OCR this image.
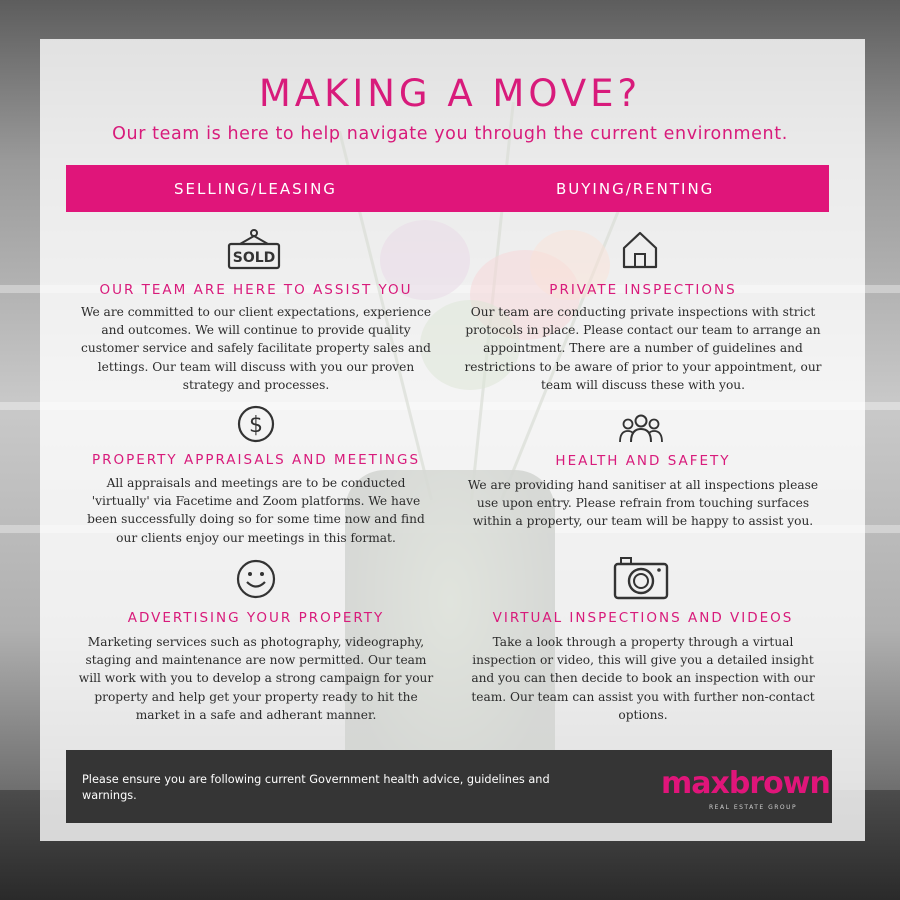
MAKING A MOVE?

Our team is here to help navigate you through the current environment.

SELLING/LEASING	BUYING/RENTING
SOLD
OUR TEAM ARE HERE TO ASSIST YOU
We are committed to our client expectations, experience
and outcomes. We will continue to provide quality
customer service and safely facilitate property sales and
lettings. Our team will discuss with you our proven
strategy and processes.
$
PROPERTY APPRAISALS AND MEETINGS
All appraisals and meetings are to be conducted
'virtually' via Facetime and Zoom platforms. We have
been successfully doing so for some time now and find
our clients enjoy our meetings in this format.
ADVERTISING YOUR PROPERTY
Marketing services such as photography, videography,
staging and maintenance are now permitted. Our team
will work with you to develop a strong campaign for your
property and help get your property ready to hit the
market in a safe and adherant manner.
PRIVATE INSPECTIONS
Our team are conducting private inspections with strict
protocols in place. Please contact our team to arrange an
appointment. There are a number of guidelines and
restrictions to be aware of prior to your appointment, our
team will discuss these with you.
HEALTH AND SAFETY
We are providing hand sanitiser at all inspections please
use upon entry. Please refrain from touching surfaces
within a property, our team will be happy to assist you.
VIRTUAL INSPECTIONS AND VIDEOS
Take a look through a property through a virtual
inspection or video, this will give you a detailed insight
and you can then decide to book an inspection with our
team. Our team can assist you with further non-contact
options.

Please ensure you are following current Government health advice, guidelines and warnings.	maxbrown
REAL ESTATE GROUP
